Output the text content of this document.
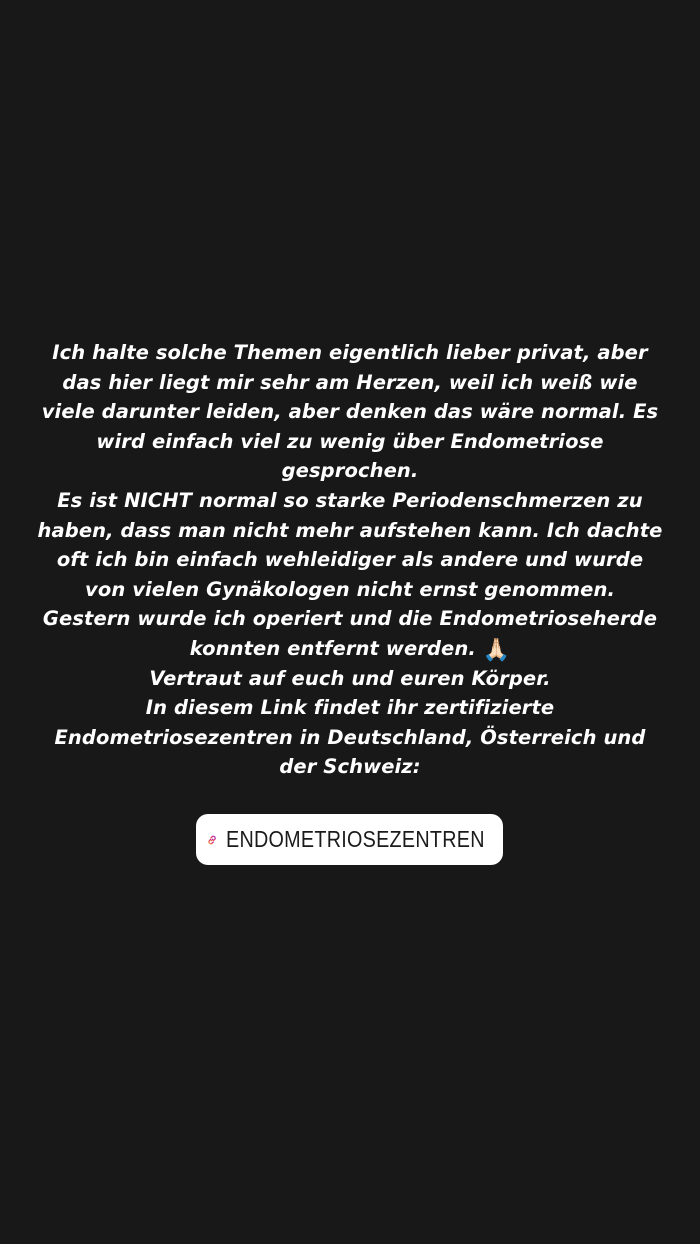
Ich halte solche Themen eigentlich lieber privat, aber
das hier liegt mir sehr am Herzen, weil ich weiß wie
viele darunter leiden, aber denken das wäre normal. Es
wird einfach viel zu wenig über Endometriose
gesprochen.
Es ist NICHT normal so starke Periodenschmerzen zu
haben, dass man nicht mehr aufstehen kann. Ich dachte
oft ich bin einfach wehleidiger als andere und wurde
von vielen Gynäkologen nicht ernst genommen.
Gestern wurde ich operiert und die Endometrioseherde
konnten entfernt werden. 🙏🏻
Vertraut auf euch und euren Körper.
In diesem Link findet ihr zertifizierte
Endometriosezentren in Deutschland, Österreich und
der Schweiz:
ENDOMETRIOSEZENTREN
